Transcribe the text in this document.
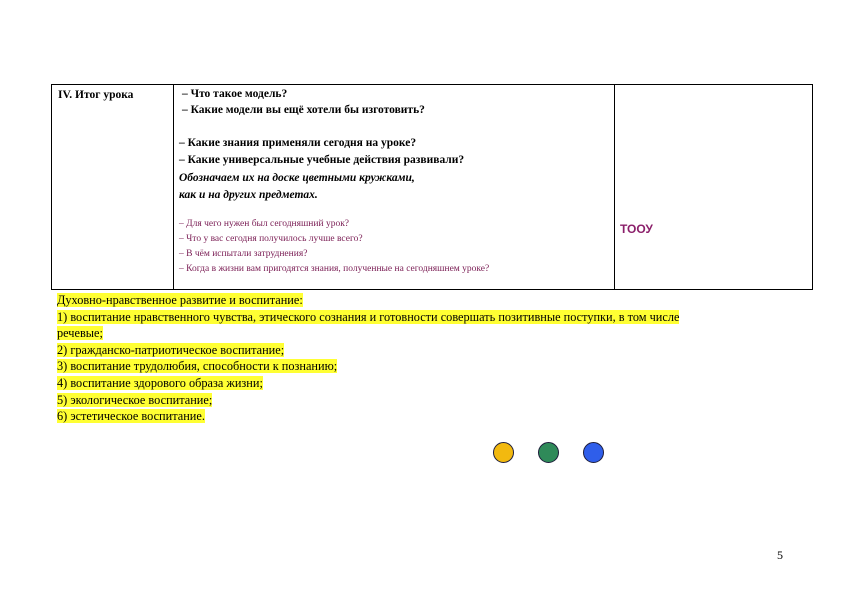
IV. Итог урока	– Что такое модель?
– Какие модели вы ещё хотели бы изготовить?
– Какие знания применяли сегодня на уроке?
– Какие универсальные учебные действия развивали?
Обозначаем их на доске цветными кружками,
как и на других предметах.
– Для чего нужен был сегодняшний урок?
– Что у вас сегодня получилось лучше всего?
– В чём испытали затруднения?
– Когда в жизни вам пригодятся знания, полученные на сегодняшнем уроке?
ТООУ
Духовно-нравственное развитие и воспитание:
1) воспитание нравственного чувства, этического сознания и готовности совершать позитивные поступки, в том числе
речевые;
2) гражданско-патриотическое воспитание;
3) воспитание трудолюбия, способности к познанию;
4) воспитание здорового образа жизни;
5) экологическое воспитание;
6) эстетическое воспитание.
5
